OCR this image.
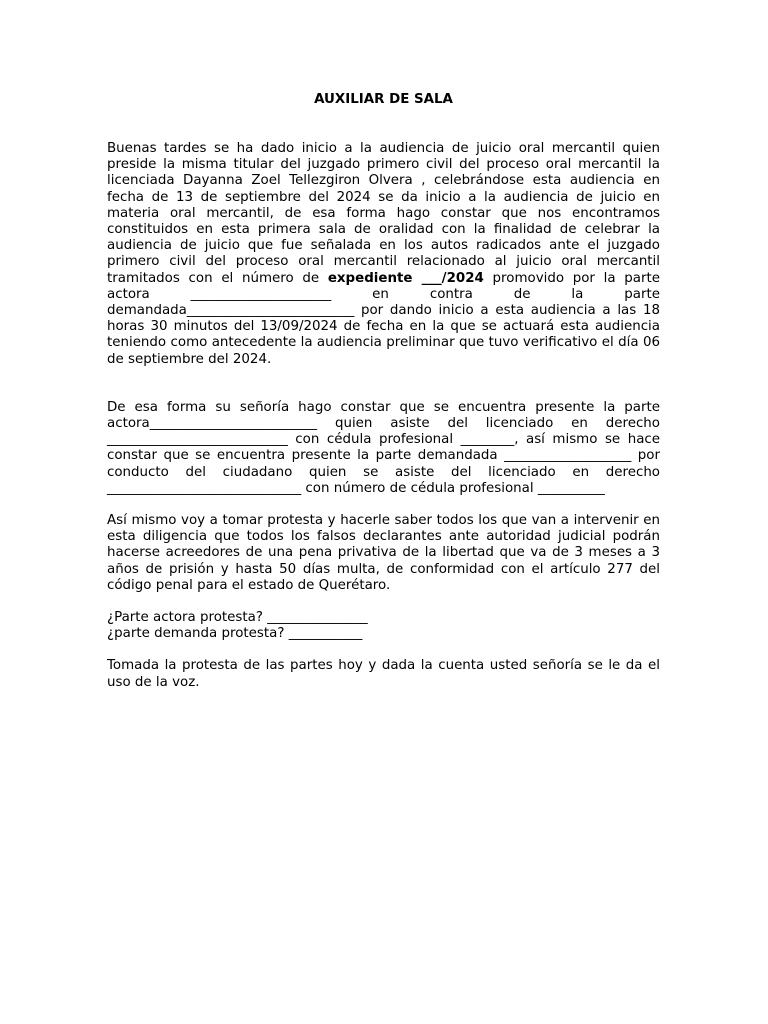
AUXILIAR DE SALA

Buenas tardes se ha dado inicio a la audiencia de juicio oral mercantil quien preside la misma titular del juzgado primero civil del proceso oral mercantil la licenciada Dayanna Zoel Tellezgiron Olvera , celebrándose esta audiencia en fecha de 13 de septiembre del 2024 se da inicio a la audiencia de juicio en materia oral mercantil, de esa forma hago constar que nos encontramos constituidos en esta primera sala de oralidad con la finalidad de celebrar la audiencia de juicio que fue señalada en los autos radicados ante el juzgado primero civil del proceso oral mercantil relacionado al juicio oral mercantil tramitados con el número de expediente ___/2024 promovido por la parte actora _____________________ en contra de la parte demandada_________________________ por dando inicio a esta audiencia a las 18 horas 30 minutos del 13/09/2024 de fecha en la que se actuará esta audiencia teniendo como antecedente la audiencia preliminar que tuvo verificativo el día 06 de septiembre del 2024.

De esa forma su señoría hago constar que se encuentra presente la parte actora_________________________ quien asiste del licenciado en derecho ___________________________ con cédula profesional ________, así mismo se hace constar que se encuentra presente la parte demandada ___________________ por conducto del ciudadano quien se asiste del licenciado en derecho _____________________________ con número de cédula profesional __________

Así mismo voy a tomar protesta y hacerle saber todos los que van a intervenir en esta diligencia que todos los falsos declarantes ante autoridad judicial podrán hacerse acreedores de una pena privativa de la libertad que va de 3 meses a 3 años de prisión y hasta 50 días multa, de conformidad con el artículo 277 del código penal para el estado de Querétaro.

¿Parte actora protesta? _______________
¿parte demanda protesta? ___________

Tomada la protesta de las partes hoy y dada la cuenta usted señoría se le da el uso de la voz.
